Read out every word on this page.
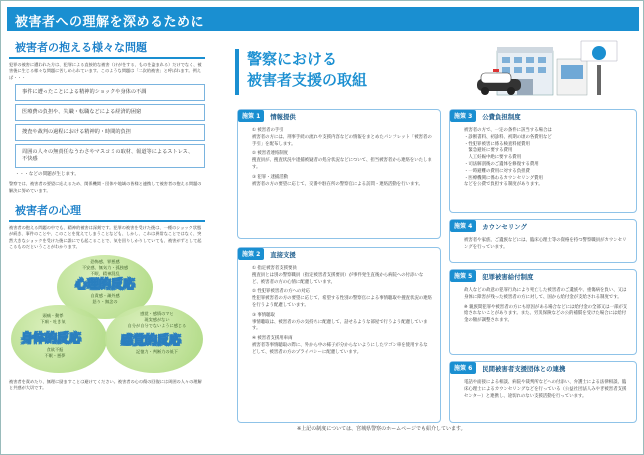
被害者への理解を深めるために
被害者の抱える様々な問題
犯罪の被害に遭われた方は、犯罪による直接的な被害（けがをする、ものを盗まれる）だけでなく、被害後に生じる様々な問題に苦しめられています。このような問題は「二次的被害」と呼ばれます。例えば・・・
事件に遭ったことによる精神的ショックや身体の不調
医療費の負担や、失職・転職などによる経済的困窮
捜査や裁判の過程における精神的・時間的負担
周囲の人々の無責任なうわさやマスコミの取材、報道等によるストレス、不快感
・・・などの問題が生じます。
警察では、被害者の要望に応えるため、関係機関・団体や地域の皆様と連携して被害者の抱える問題の解決に努めています。
被害者の心理
被害者の抱える問題の中でも、精神的被害は深刻です。犯罪の被害を受けた後は、一種のショック状態が続き、事件のことや、このことを覚えてしまうことなども、しかし、これは異常なことではなく、突然大きなショックを受けた後に誰にでも起こることで、気を回りしかりしていても、被害がずとして起こるものだということがわかります。
恐怖感、罪悪感
不安感、無気力・孤独感
不眠、精神混乱
心理的反応
自責感・疎外感
怒り・無念の
頭痛・動悸
下痢・吐き気
身体的反応
食欲不振
不眠・悪夢
感覚・感情のマヒ
現実感がない
自分が自分でないように感じる
感覚的反応
記憶力・判断力の低下
被害者を責めたり、無理に励ますことは避けてください。被害者の心の傷の回復には周囲の人々の理解と共感が大切です。
警察における
被害者支援の取組
施策 1	情報提供

① 被害者の手引
被害者の方には、刑事手続の流れや支援内容などの情報をまとめたパンフレット「被害者の手引」を配布します。

② 被害者連絡制度
捜査員が、捜査状況や逮捕被疑者の処分状況などについて、担当被害者から連絡をいたします。

③ 犯罪・逮捕活動
被害者の方の要望に応じて、交番や駐在所の警察官による訪問・連絡活動を行います。

施策 2	直接支援

① 指定被害者支援要員
捜査員とは別の警察職員（指定被害者支援要員）が事件発生直後から病院への付添いなど、被害者の方の心情に配慮しています。

② 性犯罪被害者の方への対応
性犯罪被害者の方の要望に応じて、希望する性別の警察官による事情聴取や捜査状況の連絡を行うよう配慮しています。

③ 事情聴取
事情聴取は、被害者の方の気持ちに配慮して、話せるような部屋で行うよう配慮しています。

④ 被害者支援用車両
被害者等事情聴取の際に、外から中の様子が分からないようにしたワゴン車を使用するなどして、被害者の方のプライバシーに配慮しています。

施策 3	公費負担制度

被害者の方で、一定の条件に該当する場合は
・診断書料、初診料、初期の頃の各費用など
・性犯罪被害に係る検査料経費用
　緊急避妊に要する費用
　人工妊娠中絶に要する費用
・司法解剖後のご遺体を修復する費用
・一時避難の費用に対する負担費
・医療機関に係わるカウンセリング費用
などを公費で負担する制度があります。

施策 4	カウンセリング

被害者や家族、ご遺族などには、臨床心理士等の資格を持つ警察職員がカウンセリングを行っています。

施策 5	犯罪被害給付制度

故人などの故意の犯罪行為により死亡した被害者のご遺族や、重傷病を負い、又は身体に障害が残った被害者の方に対して、国から給付金が支給される制度です。

※ 親族間犯罪や被害者の方にも原因がある場合などには給付金の全部又は一部が支給されないことがあります。また、労災保険などの公的補償を受けた場合には給付金の額が調整されます。

施策 6	民間被害者支援団体との連携

電話や面接による相談、病院や裁判所などへの付添い、弁護士による法律相談、臨床心理士によるカウンセリングなどを行っている（公益社団法人みやぎ被害者支援センター）と連携し、途切れのない支援活動を行っています。

※上記の制度については、宮城県警察のホームページでも紹介しています。
